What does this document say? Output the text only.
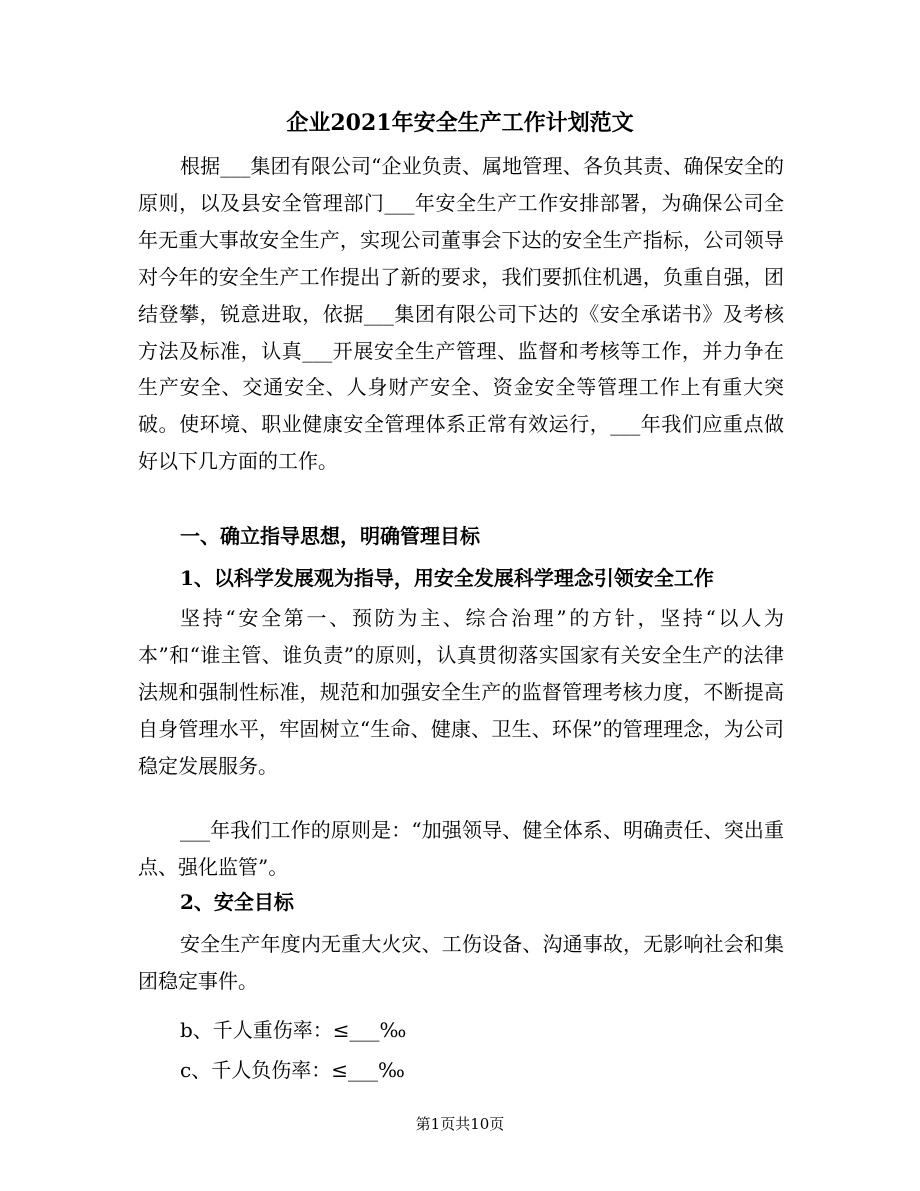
企业2021年安全生产工作计划范文

根据___集团有限公司“企业负责、属地管理、各负其责、确保安全的原则，以及县安全管理部门___年安全生产工作安排部署，为确保公司全年无重大事故安全生产，实现公司董事会下达的安全生产指标，公司领导对今年的安全生产工作提出了新的要求，我们要抓住机遇，负重自强，团结登攀，锐意进取，依据___集团有限公司下达的《安全承诺书》及考核方法及标准，认真___开展安全生产管理、监督和考核等工作，并力争在生产安全、交通安全、人身财产安全、资金安全等管理工作上有重大突破。使环境、职业健康安全管理体系正常有效运行，___年我们应重点做好以下几方面的工作。

一、确立指导思想，明确管理目标

1、以科学发展观为指导，用安全发展科学理念引领安全工作

坚持“安全第一、预防为主、综合治理”的方针，坚持“以人为本”和“谁主管、谁负责”的原则，认真贯彻落实国家有关安全生产的法律法规和强制性标准，规范和加强安全生产的监督管理考核力度，不断提高自身管理水平，牢固树立“生命、健康、卫生、环保”的管理理念，为公司稳定发展服务。

___年我们工作的原则是：“加强领导、健全体系、明确责任、突出重点、强化监管”。

2、安全目标

安全生产年度内无重大火灾、工伤设备、沟通事故，无影响社会和集团稳定事件。

b、千人重伤率：≤___‰

c、千人负伤率：≤___‰

第1页共10页
